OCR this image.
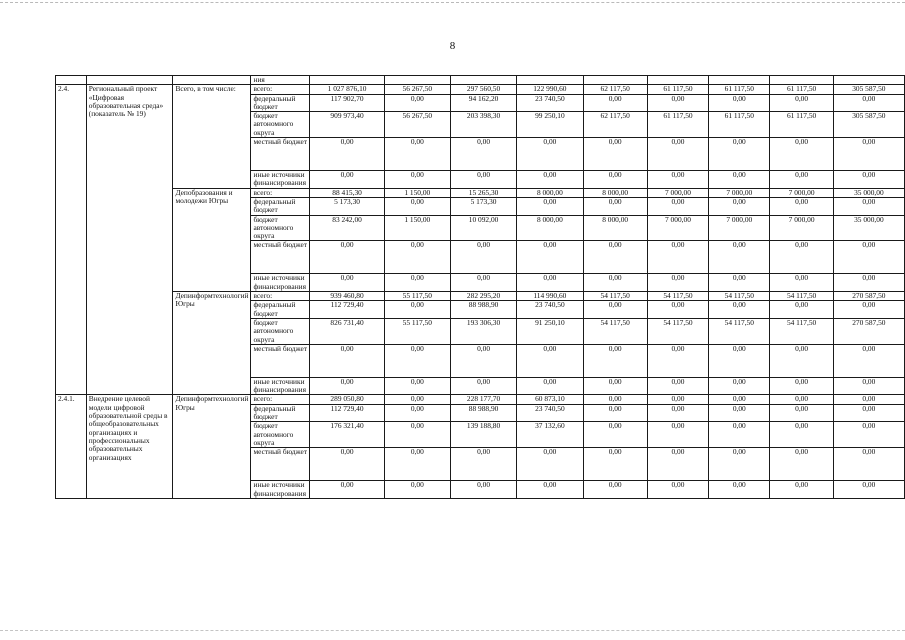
8
			ния									
2.4.	Региональный проект «Цифровая образовательная среда» (показатель № 19)	Всего, в том числе:	всего:	1 027 876,10	56 267,50	297 560,50	122 990,60	62 117,50	61 117,50	61 117,50	61 117,50	305 587,50
			федеральный бюджет	117 902,70	0,00	94 162,20	23 740,50	0,00	0,00	0,00	0,00	0,00
			бюджет автономного округа	909 973,40	56 267,50	203 398,30	99 250,10	62 117,50	61 117,50	61 117,50	61 117,50	305 587,50
			местный бюджет	0,00	0,00	0,00	0,00	0,00	0,00	0,00	0,00	0,00
			иные источники финансирования	0,00	0,00	0,00	0,00	0,00	0,00	0,00	0,00	0,00
		Депобразования и молодежи Югры	всего:	88 415,30	1 150,00	15 265,30	8 000,00	8 000,00	7 000,00	7 000,00	7 000,00	35 000,00
			федеральный бюджет	5 173,30	0,00	5 173,30	0,00	0,00	0,00	0,00	0,00	0,00
			бюджет автономного округа	83 242,00	1 150,00	10 092,00	8 000,00	8 000,00	7 000,00	7 000,00	7 000,00	35 000,00
			местный бюджет	0,00	0,00	0,00	0,00	0,00	0,00	0,00	0,00	0,00
			иные источники финансирования	0,00	0,00	0,00	0,00	0,00	0,00	0,00	0,00	0,00
		Депинформтехнологий Югры	всего:	939 460,80	55 117,50	282 295,20	114 990,60	54 117,50	54 117,50	54 117,50	54 117,50	270 587,50
			федеральный бюджет	112 729,40	0,00	88 988,90	23 740,50	0,00	0,00	0,00	0,00	0,00
			бюджет автономного округа	826 731,40	55 117,50	193 306,30	91 250,10	54 117,50	54 117,50	54 117,50	54 117,50	270 587,50
			местный бюджет	0,00	0,00	0,00	0,00	0,00	0,00	0,00	0,00	0,00
			иные источники финансирования	0,00	0,00	0,00	0,00	0,00	0,00	0,00	0,00	0,00
2.4.1.	Внедрение целевой модели цифровой образовательной среды в общеобразовательных организациях и профессиональных образовательных организациях	Депинформтехнологий Югры	всего:	289 050,80	0,00	228 177,70	60 873,10	0,00	0,00	0,00	0,00	0,00
			федеральный бюджет	112 729,40	0,00	88 988,90	23 740,50	0,00	0,00	0,00	0,00	0,00
			бюджет автономного округа	176 321,40	0,00	139 188,80	37 132,60	0,00	0,00	0,00	0,00	0,00
			местный бюджет	0,00	0,00	0,00	0,00	0,00	0,00	0,00	0,00	0,00
			иные источники финансирования	0,00	0,00	0,00	0,00	0,00	0,00	0,00	0,00	0,00
